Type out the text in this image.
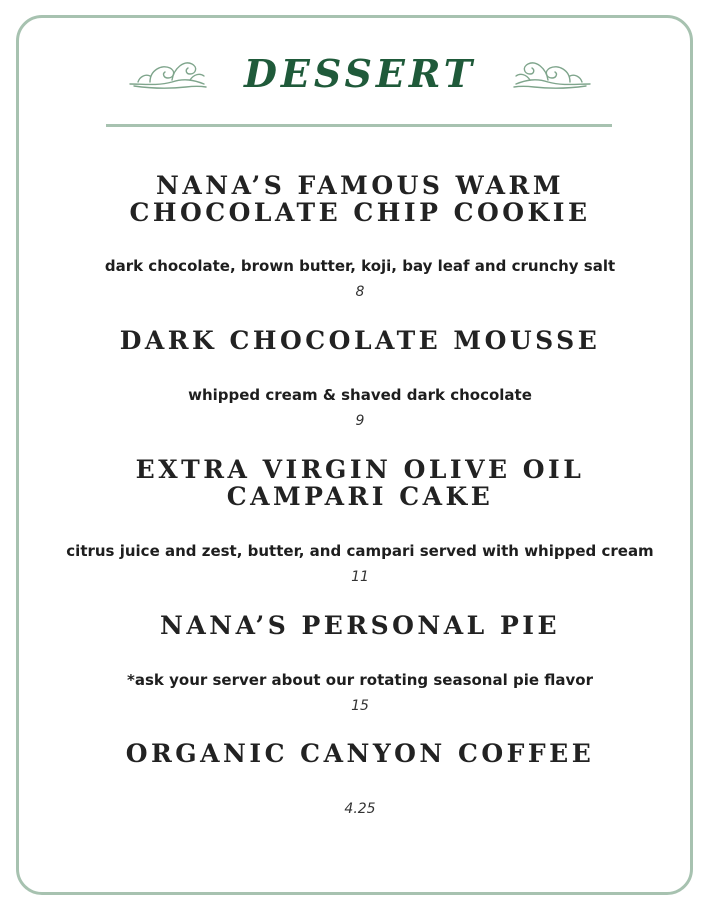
DESSERT
NANA’S FAMOUS WARM
CHOCOLATE CHIP COOKIE
dark chocolate, brown butter, koji, bay leaf and crunchy salt
8
DARK CHOCOLATE MOUSSE
whipped cream & shaved dark chocolate
9
EXTRA VIRGIN OLIVE OIL
CAMPARI CAKE
citrus juice and zest, butter, and campari served with whipped cream
11
NANA’S PERSONAL PIE
*ask your server about our rotating seasonal pie flavor
15
ORGANIC CANYON COFFEE
4.25
